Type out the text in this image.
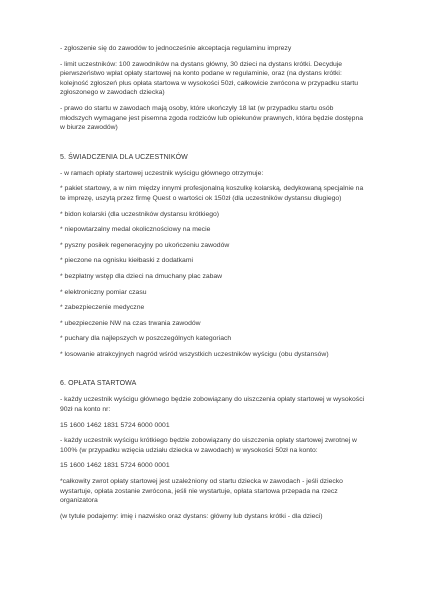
- zgłoszenie się do zawodów to jednocześnie akceptacja regulaminu imprezy

- limit uczestników: 100 zawodników na dystans główny, 30 dzieci na dystans krótki. Decyduje
pierwszeństwo wpłat opłaty startowej na konto podane w regulaminie, oraz (na dystans krótki:
kolejność zgłoszeń plus opłata startowa w wysokości 50zł, całkowicie zwrócona w przypadku startu
zgłoszonego w zawodach dziecka)

- prawo do startu w zawodach mają osoby, które ukończyły 18 lat (w przypadku startu osób
młodszych wymagane jest pisemna zgoda rodziców lub opiekunów prawnych, która będzie dostępna
w biurze zawodów)

5. ŚWIADCZENIA DLA UCZESTNIKÓW

- w ramach opłaty startowej uczestnik wyścigu głównego otrzymuje:

* pakiet startowy, a w nim między innymi profesjonalną koszulkę kolarską, dedykowaną specjalnie na
te imprezę, uszytą przez firmę Quest o wartości ok 150zł (dla uczestników dystansu długiego)

* bidon kolarski (dla uczestników dystansu krótkiego)

* niepowtarzalny medal okolicznościowy na mecie

* pyszny posiłek regeneracyjny po ukończeniu zawodów

* pieczone na ognisku kiełbaski z dodatkami

* bezpłatny wstęp dla dzieci na dmuchany plac zabaw

* elektroniczny pomiar czasu

* zabezpieczenie medyczne

* ubezpieczenie NW na czas trwania zawodów

* puchary dla najlepszych w poszczególnych kategoriach

* losowanie atrakcyjnych nagród wśród wszystkich uczestników wyścigu (obu dystansów)

6. OPŁATA STARTOWA

- każdy uczestnik wyścigu głównego będzie zobowiązany do uiszczenia opłaty startowej w wysokości
90zł na konto nr:

15 1600 1462 1831 5724 6000 0001

- każdy uczestnik wyścigu krótkiego będzie zobowiązany do uiszczenia opłaty startowej zwrotnej w
100% (w przypadku wzięcia udziału dziecka w zawodach) w wysokości 50zł na konto:

15 1600 1462 1831 5724 6000 0001

*całkowity zwrot opłaty startowej jest uzależniony od startu dziecka w zawodach - jeśli dziecko
wystartuje, opłata zostanie zwrócona, jeśli nie wystartuje, opłata startowa przepada na rzecz
organizatora

(w tytule podajemy: imię i nazwisko oraz dystans: główny lub dystans krótki - dla dzieci)
